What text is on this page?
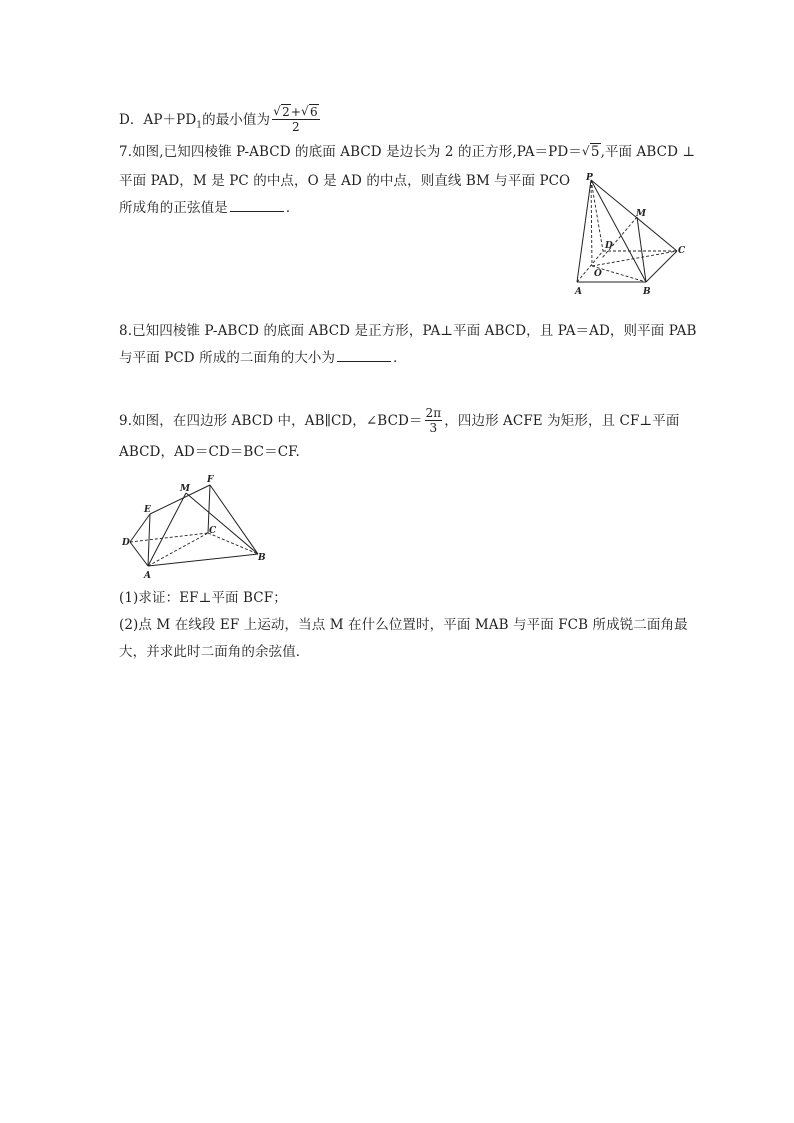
D．$AP+PD_1$的最小值为 $\frac{√ 2+ √ 6}{2}$
7.如图,已知四棱锥 P-ABCD 的底面 ABCD 是边长为 2 的正方形,PA＝PD＝ √ 5,平面 ABCD ⊥
平面 PAD，M 是 PC 的中点，O 是 AD 的中点，则直线 BM 与平面 PCO
所成角的正弦值是	．
P
M
D	C
O
A	B
8.已知四棱锥 P-ABCD 的底面 ABCD 是正方形，PA⊥平面 ABCD，且 PA＝AD，则平面 PAB
与平面 PCD 所成的二面角的大小为	．
9.如图，在四边形 ABCD 中，AB∥CD，∠BCD＝ $\frac{2\pi}{3}$ ，四边形 ACFE 为矩形，且 CF⊥平面
ABCD，AD＝CD＝BC＝CF.
F
M
E
C
D
B
A
(1)求证：EF⊥平面 BCF；
(2)点 M 在线段 EF 上运动，当点 M 在什么位置时，平面 MAB 与平面 FCB 所成锐二面角最
大，并求此时二面角的余弦值．
